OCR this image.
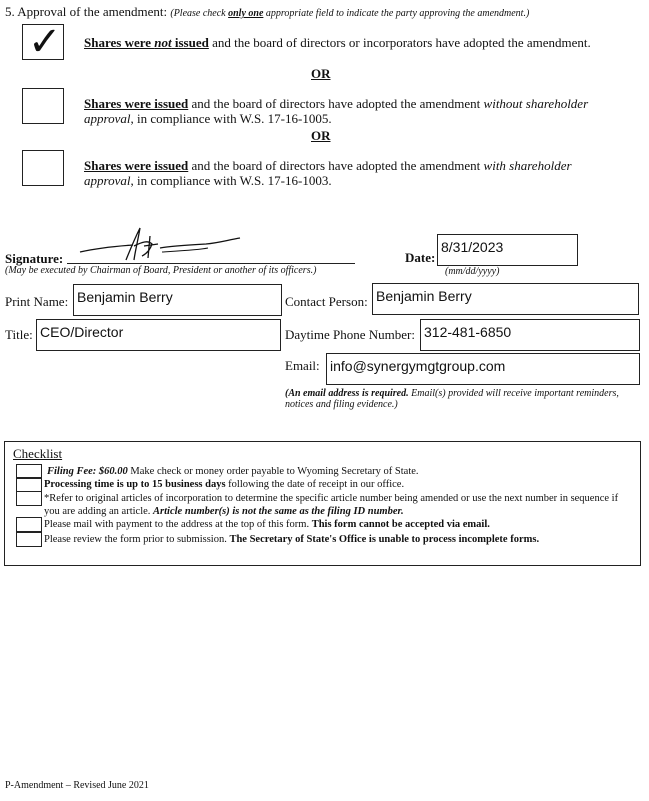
5. Approval of the amendment: (Please check only one appropriate field to indicate the party approving the amendment.)
✓ Shares were not issued and the board of directors or incorporators have adopted the amendment.
OR
Shares were issued and the board of directors have adopted the amendment without shareholder approval, in compliance with W.S. 17-16-1005.
OR
Shares were issued and the board of directors have adopted the amendment with shareholder approval, in compliance with W.S. 17-16-1003.
Signature:
(May be executed by Chairman of Board, President or another of its officers.)
Date:
8/31/2023
(mm/dd/yyyy)
Print Name: Benjamin Berry	Contact Person: Benjamin Berry
Title: CEO/Director	Daytime Phone Number: 312-481-6850
Email: info@synergymgtgroup.com
(An email address is required. Email(s) provided will receive important reminders, notices and filing evidence.)
Checklist
Filing Fee: $60.00 Make check or money order payable to Wyoming Secretary of State.
Processing time is up to 15 business days following the date of receipt in our office.
*Refer to original articles of incorporation to determine the specific article number being amended or use the next number in sequence if you are adding an article. Article number(s) is not the same as the filing ID number.
Please mail with payment to the address at the top of this form. This form cannot be accepted via email.
Please review the form prior to submission. The Secretary of State's Office is unable to process incomplete forms.
P-Amendment – Revised June 2021
